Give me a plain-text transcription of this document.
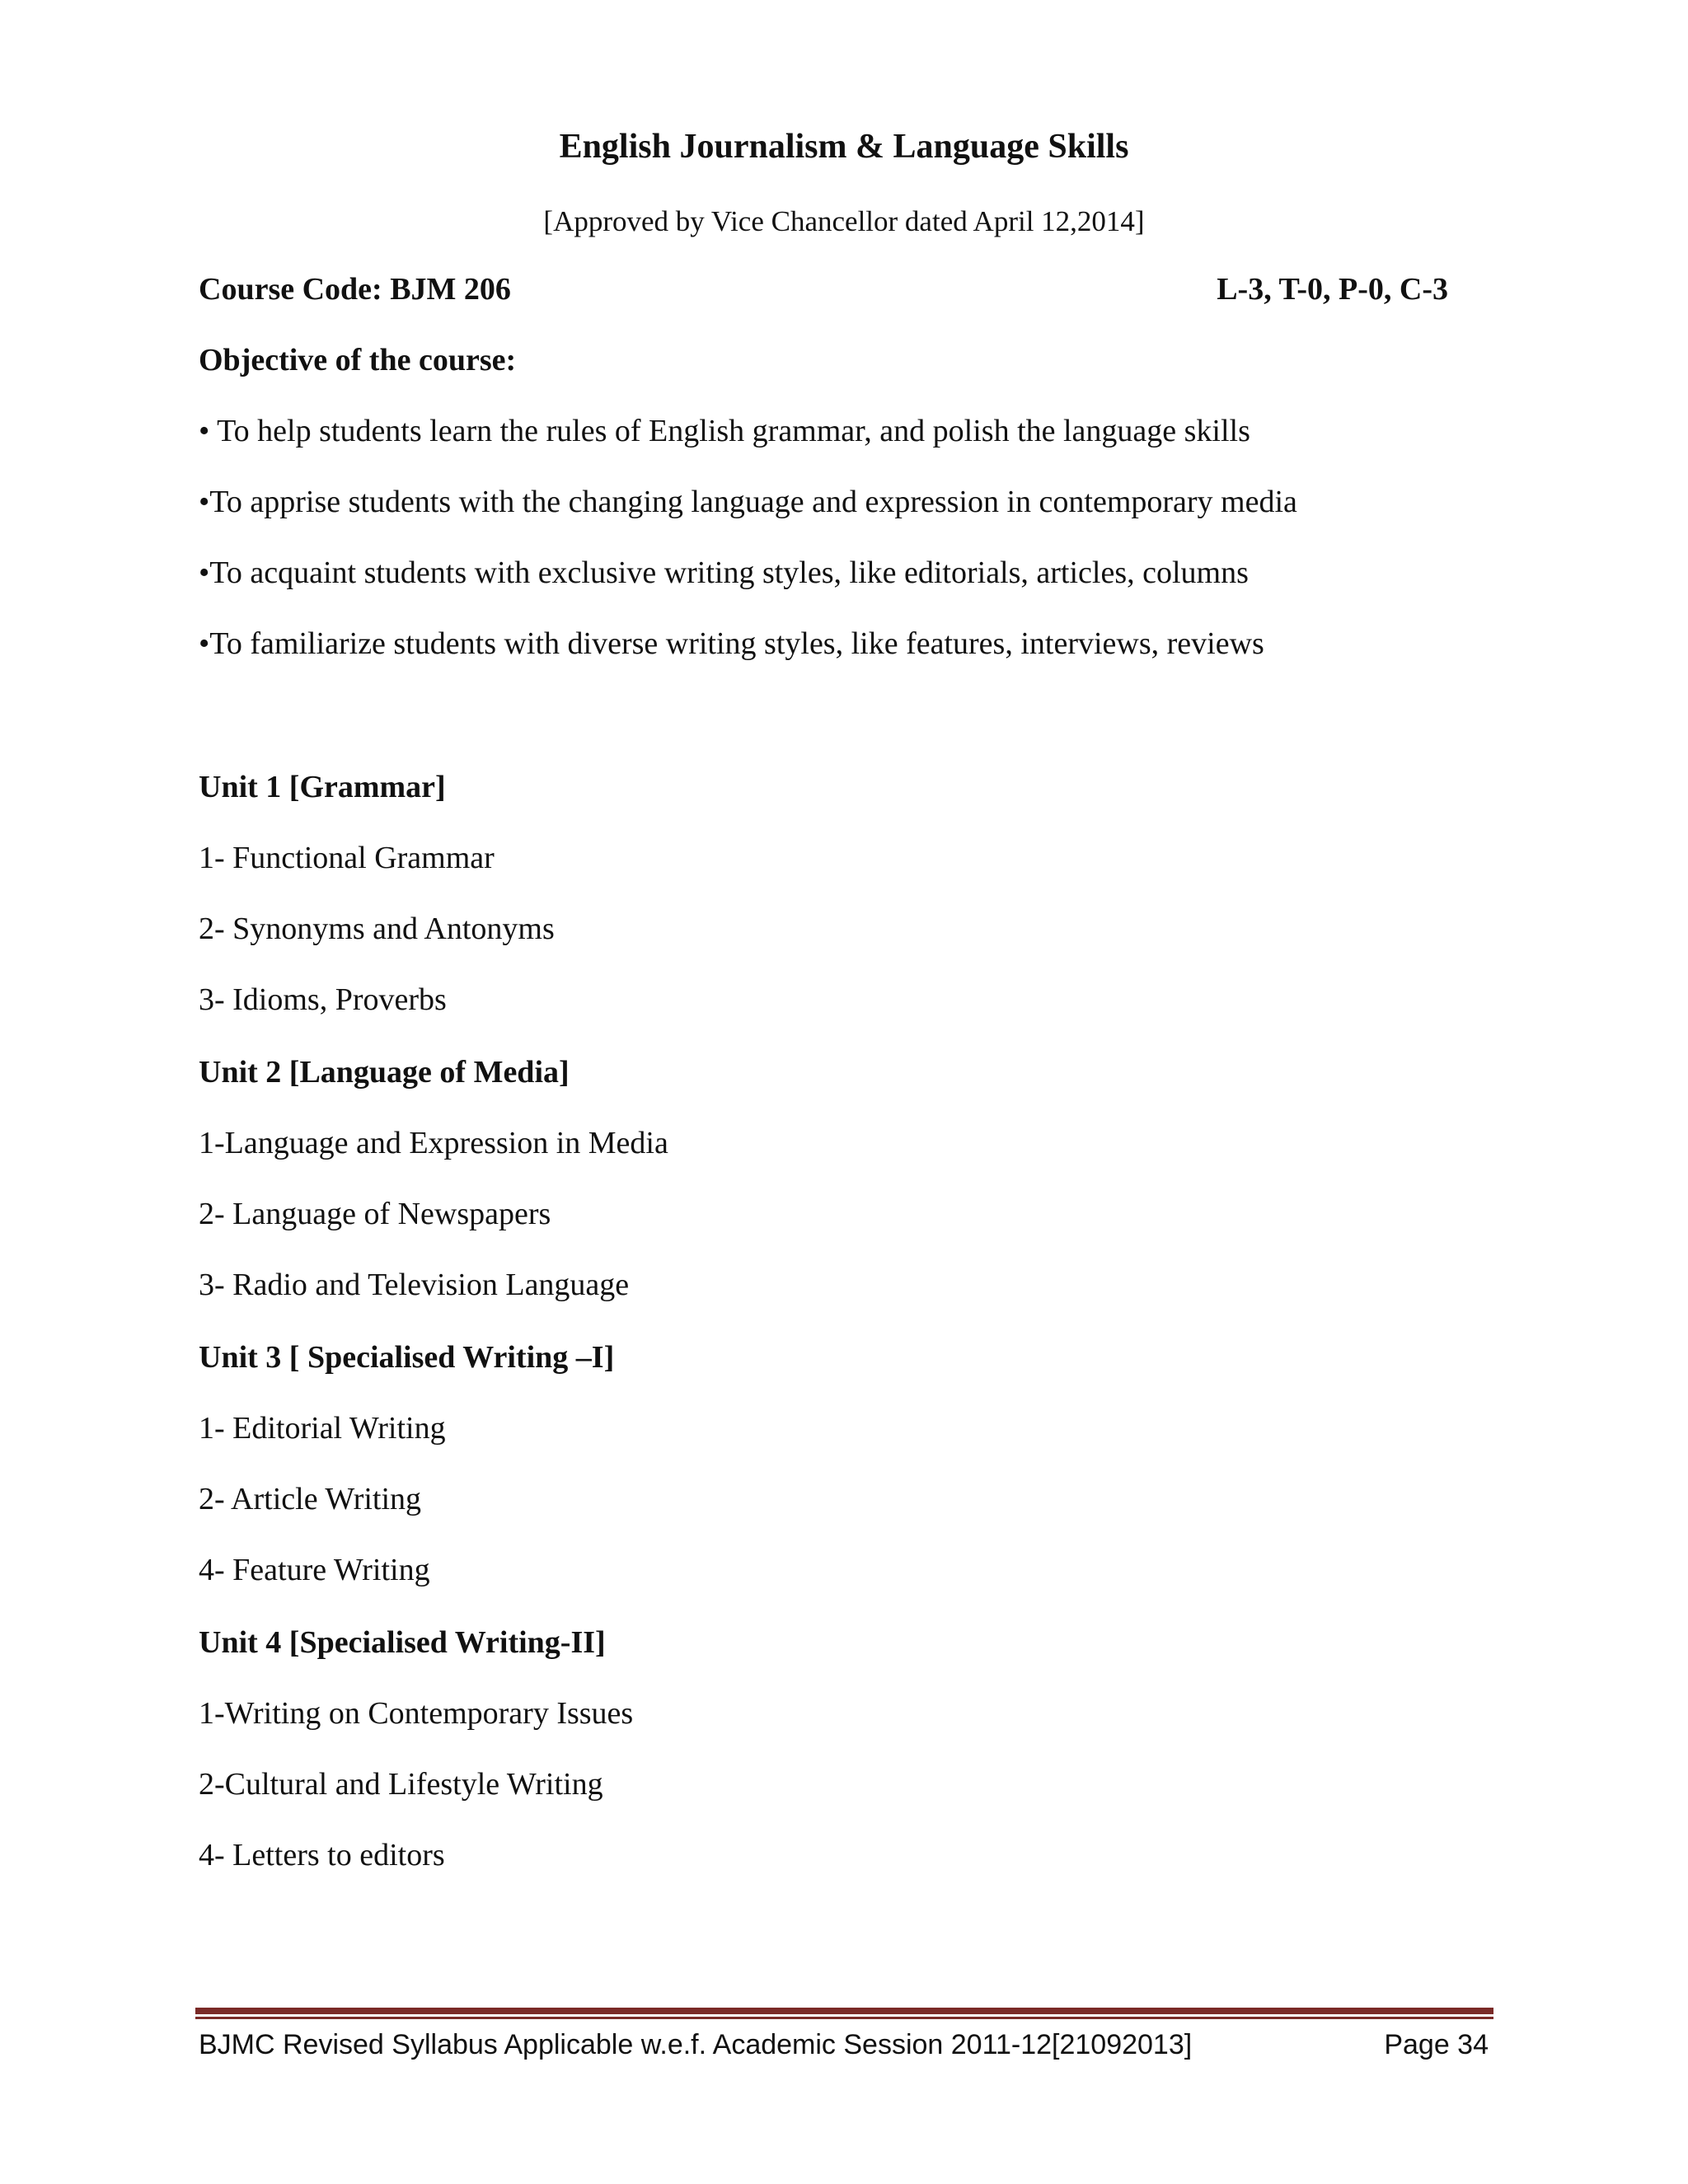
English Journalism & Language Skills
[Approved by Vice Chancellor dated April 12,2014]
Course Code: BJM 206	L-3, T-0, P-0, C-3
Objective of the course:
• To help students learn the rules of English grammar, and polish the language skills
•To apprise students with the changing language and expression in contemporary media
•To acquaint students with exclusive writing styles, like editorials, articles, columns
•To familiarize students with diverse writing styles, like features, interviews, reviews
Unit 1 [Grammar]
1- Functional Grammar
2- Synonyms and Antonyms
3- Idioms, Proverbs
Unit 2 [Language of Media]
1-Language and Expression in Media
2- Language of Newspapers
3- Radio and Television Language
Unit 3 [ Specialised Writing –I]
1- Editorial Writing
2- Article Writing
4- Feature Writing
Unit 4 [Specialised Writing-II]
1-Writing on Contemporary Issues
2-Cultural and Lifestyle Writing
4- Letters to editors
BJMC Revised Syllabus Applicable w.e.f. Academic Session 2011-12[21092013]	Page 34
